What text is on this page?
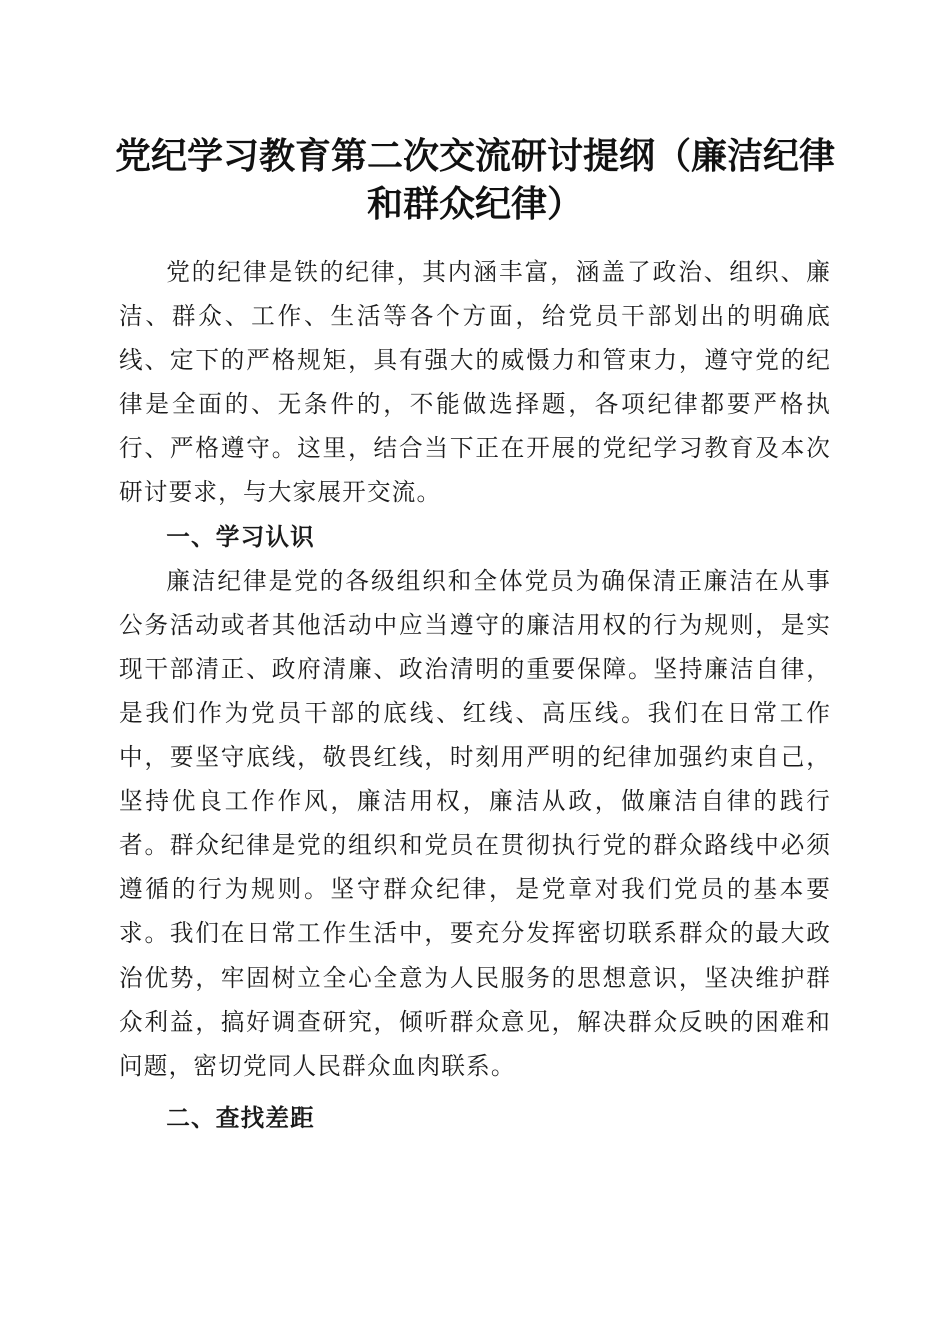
党纪学习教育第二次交流研讨提纲（廉洁纪律
和群众纪律）

党的纪律是铁的纪律，其内涵丰富，涵盖了政治、组织、廉洁、群众、工作、生活等各个方面，给党员干部划出的明确底线、定下的严格规矩，具有强大的威慑力和管束力，遵守党的纪律是全面的、无条件的，不能做选择题，各项纪律都要严格执行、严格遵守。这里，结合当下正在开展的党纪学习教育及本次研讨要求，与大家展开交流。

一、学习认识

廉洁纪律是党的各级组织和全体党员为确保清正廉洁在从事公务活动或者其他活动中应当遵守的廉洁用权的行为规则，是实现干部清正、政府清廉、政治清明的重要保障。坚持廉洁自律，是我们作为党员干部的底线、红线、高压线。我们在日常工作中，要坚守底线，敬畏红线，时刻用严明的纪律加强约束自己，坚持优良工作作风，廉洁用权，廉洁从政，做廉洁自律的践行者。群众纪律是党的组织和党员在贯彻执行党的群众路线中必须遵循的行为规则。坚守群众纪律，是党章对我们党员的基本要求。我们在日常工作生活中，要充分发挥密切联系群众的最大政治优势，牢固树立全心全意为人民服务的思想意识，坚决维护群众利益，搞好调查研究，倾听群众意见，解决群众反映的困难和问题，密切党同人民群众血肉联系。

二、查找差距
